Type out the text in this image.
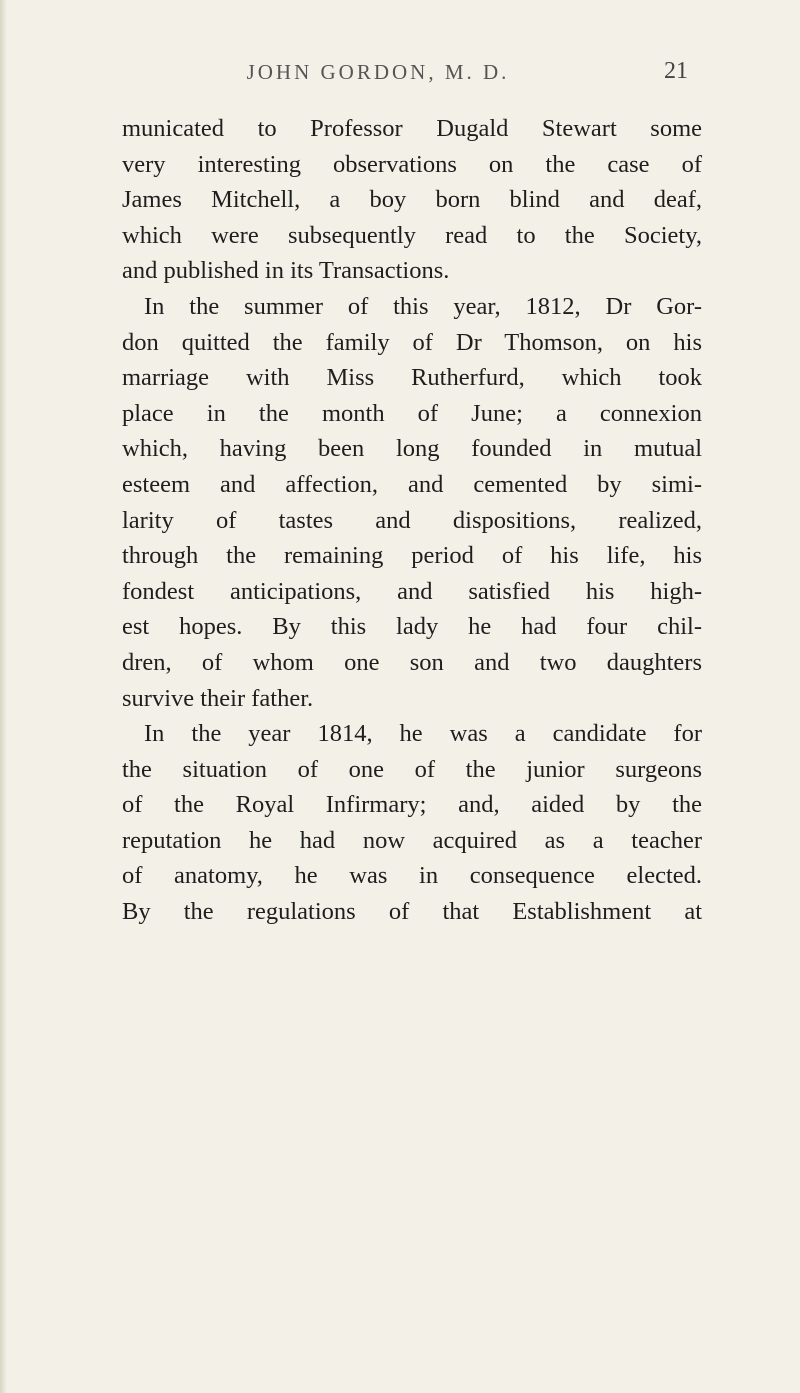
JOHN GORDON, M. D.	21
municated to Professor Dugald Stewart some
very interesting observations on the case of
James Mitchell, a boy born blind and deaf,
which were subsequently read to the Society,
and published in its Transactions.
In the summer of this year, 1812, Dr Gor-
don quitted the family of Dr Thomson, on his
marriage with Miss Rutherfurd, which took
place in the month of June; a connexion
which, having been long founded in mutual
esteem and affection, and cemented by simi-
larity of tastes and dispositions, realized,
through the remaining period of his life, his
fondest anticipations, and satisfied his high-
est hopes. By this lady he had four chil-
dren, of whom one son and two daughters
survive their father.
In the year 1814, he was a candidate for
the situation of one of the junior surgeons
of the Royal Infirmary; and, aided by the
reputation he had now acquired as a teacher
of anatomy, he was in consequence elected.
By the regulations of that Establishment at
